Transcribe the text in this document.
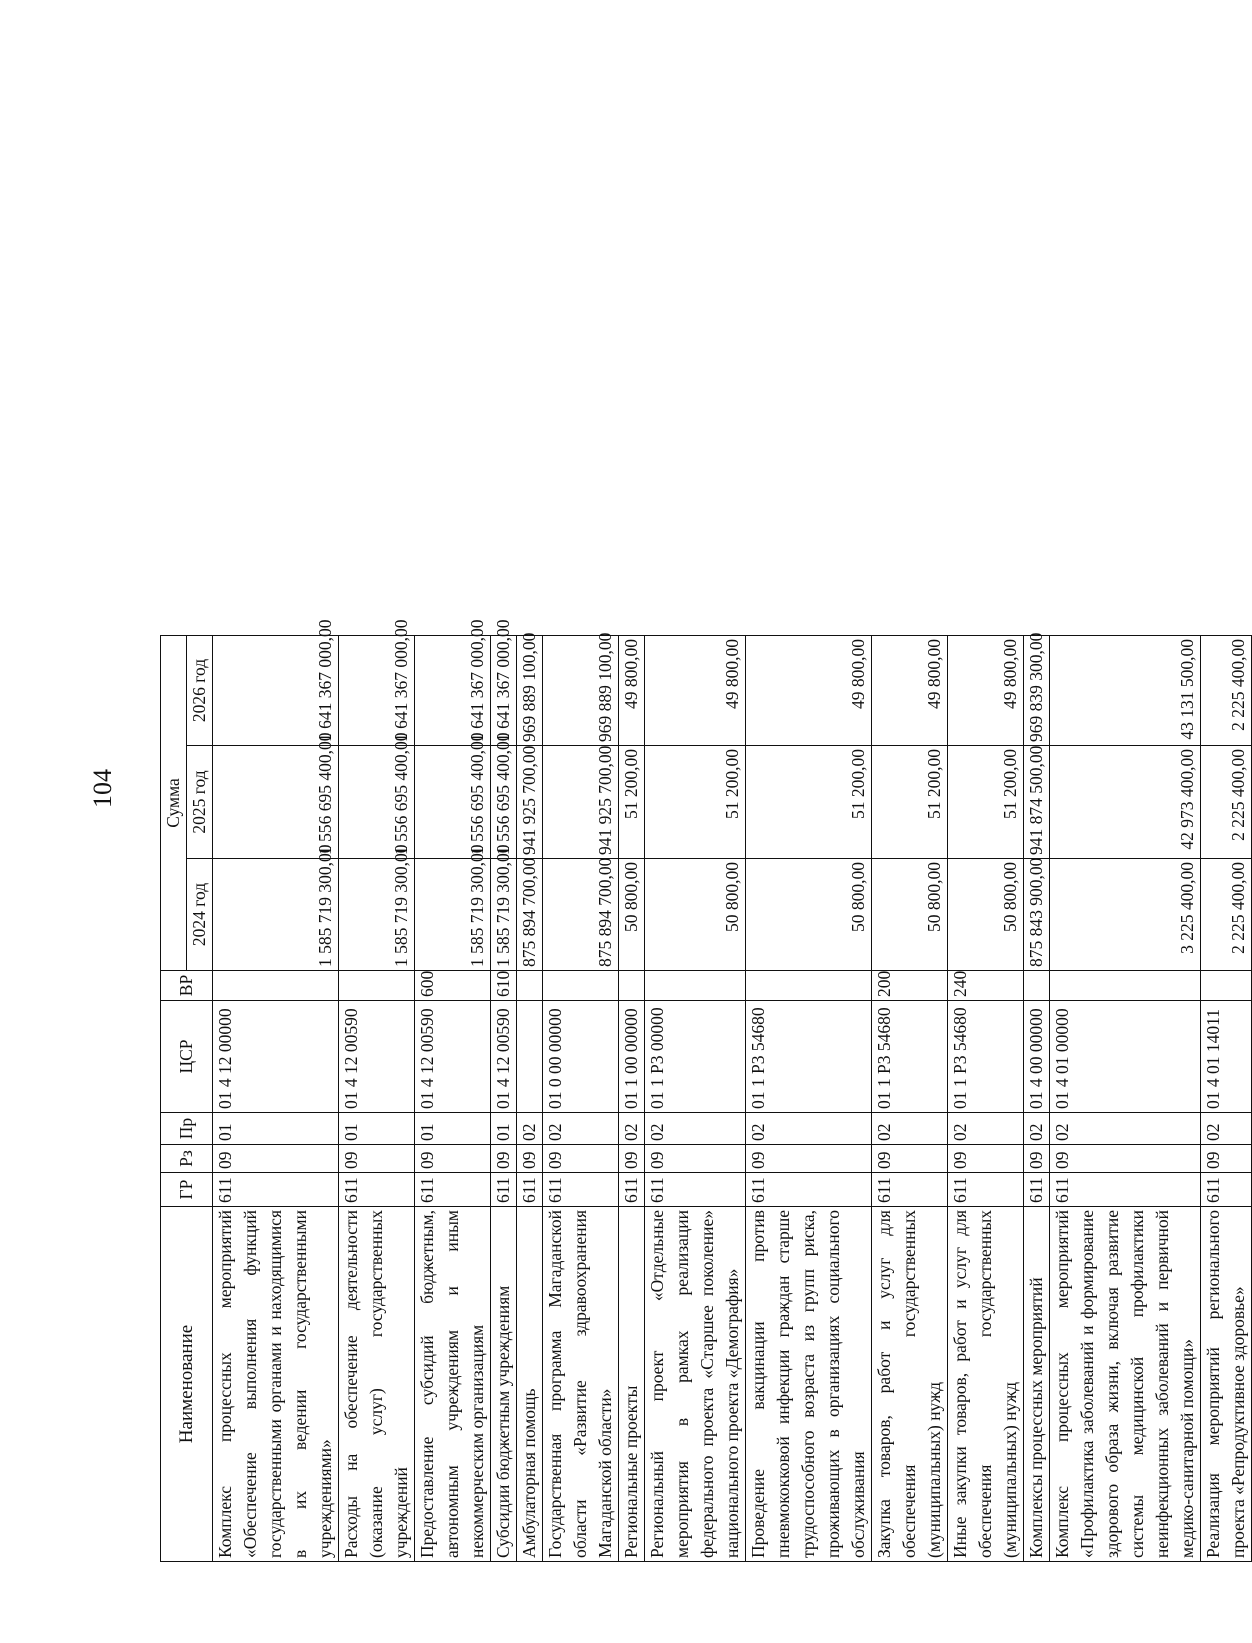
104
Наименование	ГР	Рз	Пр	ЦСР	ВР	Сумма		
						2024 год	2025 год	2026 год
Комплекс процессных мероприятий «Обеспечение выполнения функций государственными органами и находящимися в их ведении государственными учреждениями»	611	09	01	01 4 12 00000		1 585 719 300,00	1 556 695 400,00	1 641 367 000,00
Расходы на обеспечение деятельности (оказание услуг) государственных учреждений	611	09	01	01 4 12 00590		1 585 719 300,00	1 556 695 400,00	1 641 367 000,00
Предоставление субсидий бюджетным, автономным учреждениям и иным некоммерческим организациям	611	09	01	01 4 12 00590	600	1 585 719 300,00	1 556 695 400,00	1 641 367 000,00
Субсидии бюджетным учреждениям	611	09	01	01 4 12 00590	610	1 585 719 300,00	1 556 695 400,00	1 641 367 000,00
Амбулаторная помощь	611	09	02			875 894 700,00	941 925 700,00	969 889 100,00
Государственная программа Магаданской области «Развитие здравоохранения Магаданской области»	611	09	02	01 0 00 00000		875 894 700,00	941 925 700,00	969 889 100,00
Региональные проекты	611	09	02	01 1 00 00000		50 800,00	51 200,00	49 800,00
Региональный проект «Отдельные мероприятия в рамках реализации федерального проекта «Старшее поколение» национального проекта «Демография»	611	09	02	01 1 Р3 00000		50 800,00	51 200,00	49 800,00
Проведение вакцинации против пневмококковой инфекции граждан старше трудоспособного возраста из групп риска, проживающих в организациях социального обслуживания	611	09	02	01 1 Р3 54680		50 800,00	51 200,00	49 800,00
Закупка товаров, работ и услуг для обеспечения государственных (муниципальных) нужд	611	09	02	01 1 Р3 54680	200	50 800,00	51 200,00	49 800,00
Иные закупки товаров, работ и услуг для обеспечения государственных (муниципальных) нужд	611	09	02	01 1 Р3 54680	240	50 800,00	51 200,00	49 800,00
Комплексы процессных мероприятий	611	09	02	01 4 00 00000		875 843 900,00	941 874 500,00	969 839 300,00
Комплекс процессных мероприятий «Профилактика заболеваний и формирование здорового образа жизни, включая развитие системы медицинской профилактики неинфекционных заболеваний и первичной медико-санитарной помощи»	611	09	02	01 4 01 00000		3 225 400,00	42 973 400,00	43 131 500,00
Реализация мероприятий регионального проекта «Репродуктивное здоровье»	611	09	02	01 4 01 14011		2 225 400,00	2 225 400,00	2 225 400,00
